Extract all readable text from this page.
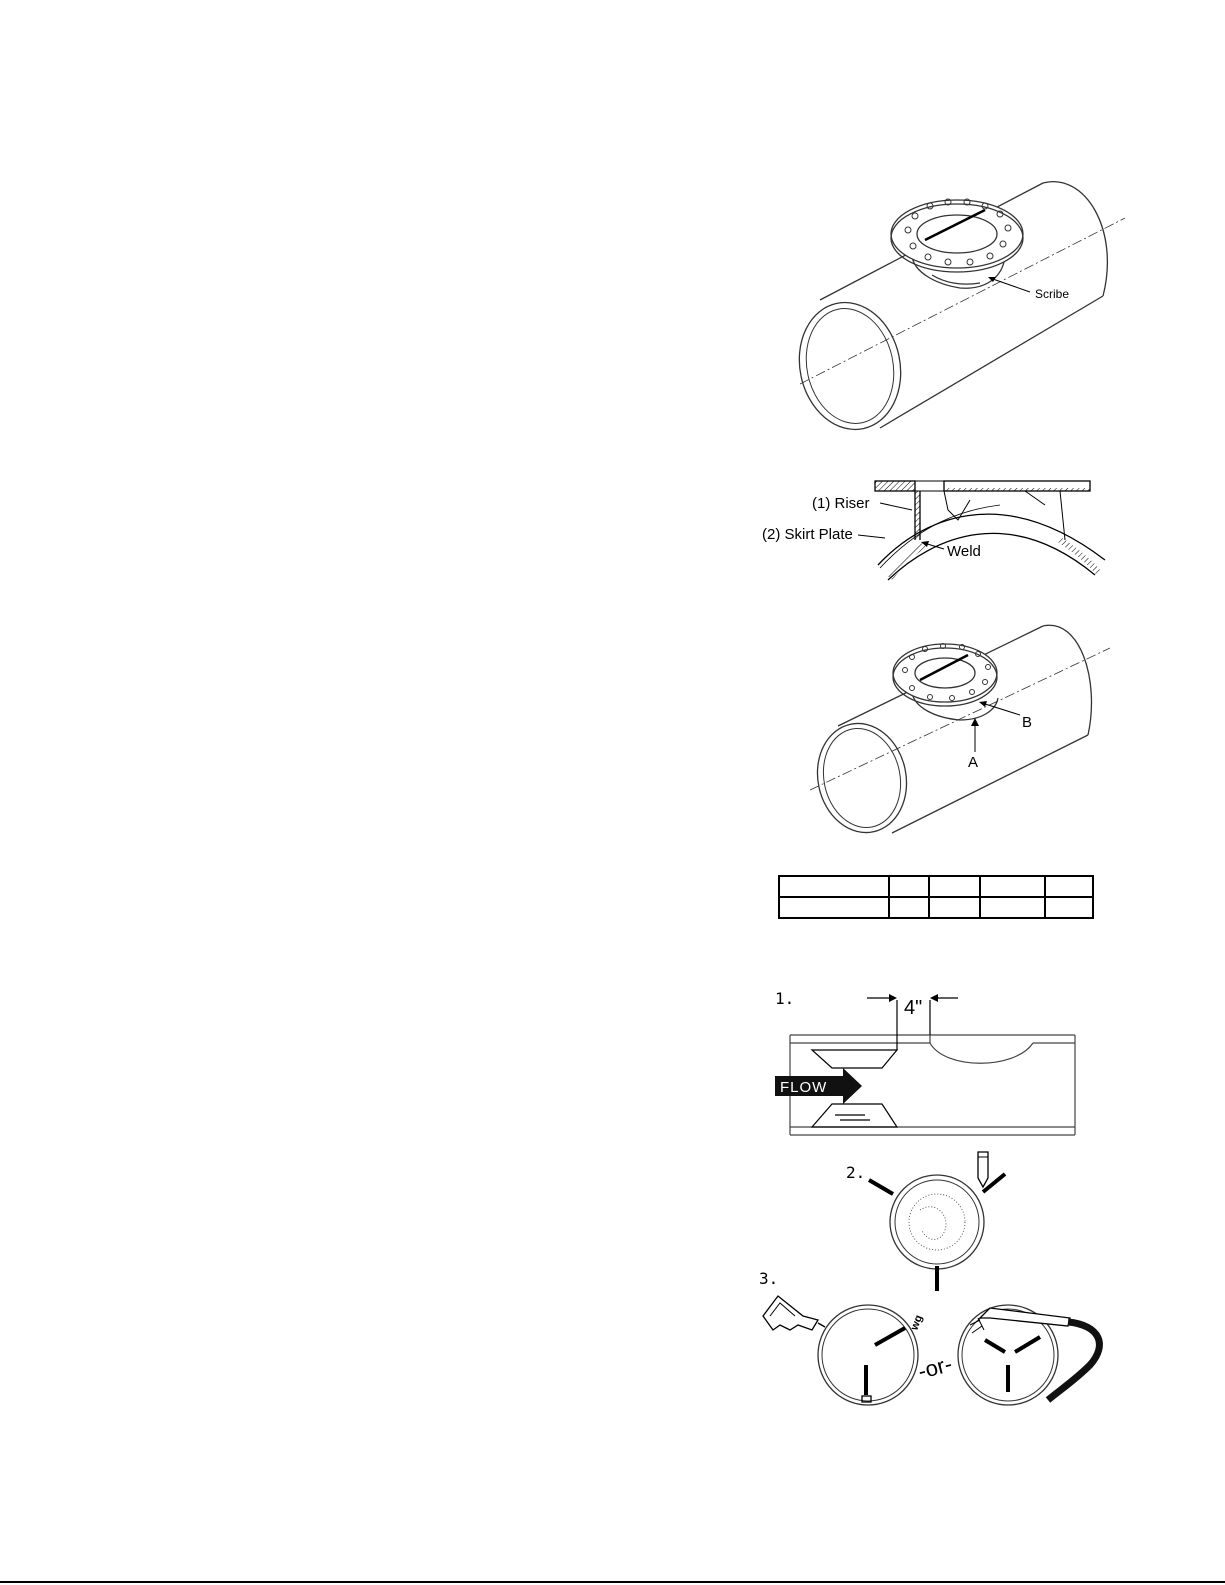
Scribe
(1) Riser
(2) Skirt Plate
Weld
B
A
FLOW
1.	4"
2.
3.
wg
-or-
